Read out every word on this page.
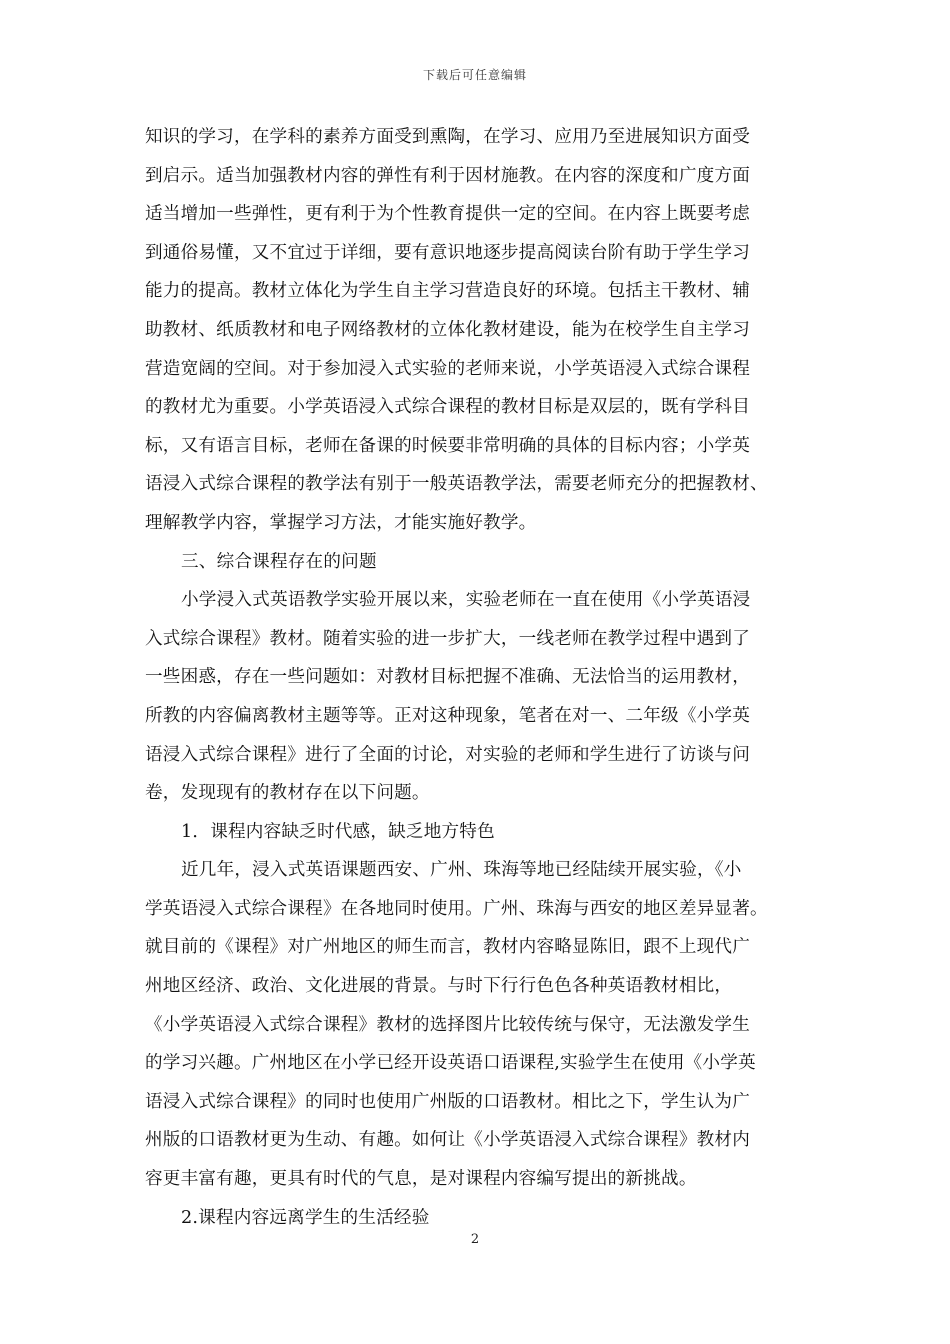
下载后可任意编辑
知识的学习，在学科的素养方面受到熏陶，在学习、应用乃至进展知识方面受
到启示。适当加强教材内容的弹性有利于因材施教。在内容的深度和广度方面
适当增加一些弹性，更有利于为个性教育提供一定的空间。在内容上既要考虑
到通俗易懂，又不宜过于详细，要有意识地逐步提高阅读台阶有助于学生学习
能力的提高。教材立体化为学生自主学习营造良好的环境。包括主干教材、辅
助教材、纸质教材和电子网络教材的立体化教材建设，能为在校学生自主学习
营造宽阔的空间。对于参加浸入式实验的老师来说，小学英语浸入式综合课程
的教材尤为重要。小学英语浸入式综合课程的教材目标是双层的，既有学科目
标，又有语言目标，老师在备课的时候要非常明确的具体的目标内容；小学英
语浸入式综合课程的教学法有别于一般英语教学法，需要老师充分的把握教材、
理解教学内容，掌握学习方法，才能实施好教学。
三、综合课程存在的问题
小学浸入式英语教学实验开展以来，实验老师在一直在使用《小学英语浸
入式综合课程》教材。随着实验的进一步扩大，一线老师在教学过程中遇到了
一些困惑，存在一些问题如：对教材目标把握不准确、无法恰当的运用教材，
所教的内容偏离教材主题等等。正对这种现象，笔者在对一、二年级《小学英
语浸入式综合课程》进行了全面的讨论，对实验的老师和学生进行了访谈与问
卷，发现现有的教材存在以下问题。
1．课程内容缺乏时代感，缺乏地方特色
近几年，浸入式英语课题西安、广州、珠海等地已经陆续开展实验，《小
学英语浸入式综合课程》在各地同时使用。广州、珠海与西安的地区差异显著。
就目前的《课程》对广州地区的师生而言，教材内容略显陈旧，跟不上现代广
州地区经济、政治、文化进展的背景。与时下行行色色各种英语教材相比，
《小学英语浸入式综合课程》教材的选择图片比较传统与保守，无法激发学生
的学习兴趣。广州地区在小学已经开设英语口语课程,实验学生在使用《小学英
语浸入式综合课程》的同时也使用广州版的口语教材。相比之下，学生认为广
州版的口语教材更为生动、有趣。如何让《小学英语浸入式综合课程》教材内
容更丰富有趣，更具有时代的气息，是对课程内容编写提出的新挑战。
2.课程内容远离学生的生活经验
2
